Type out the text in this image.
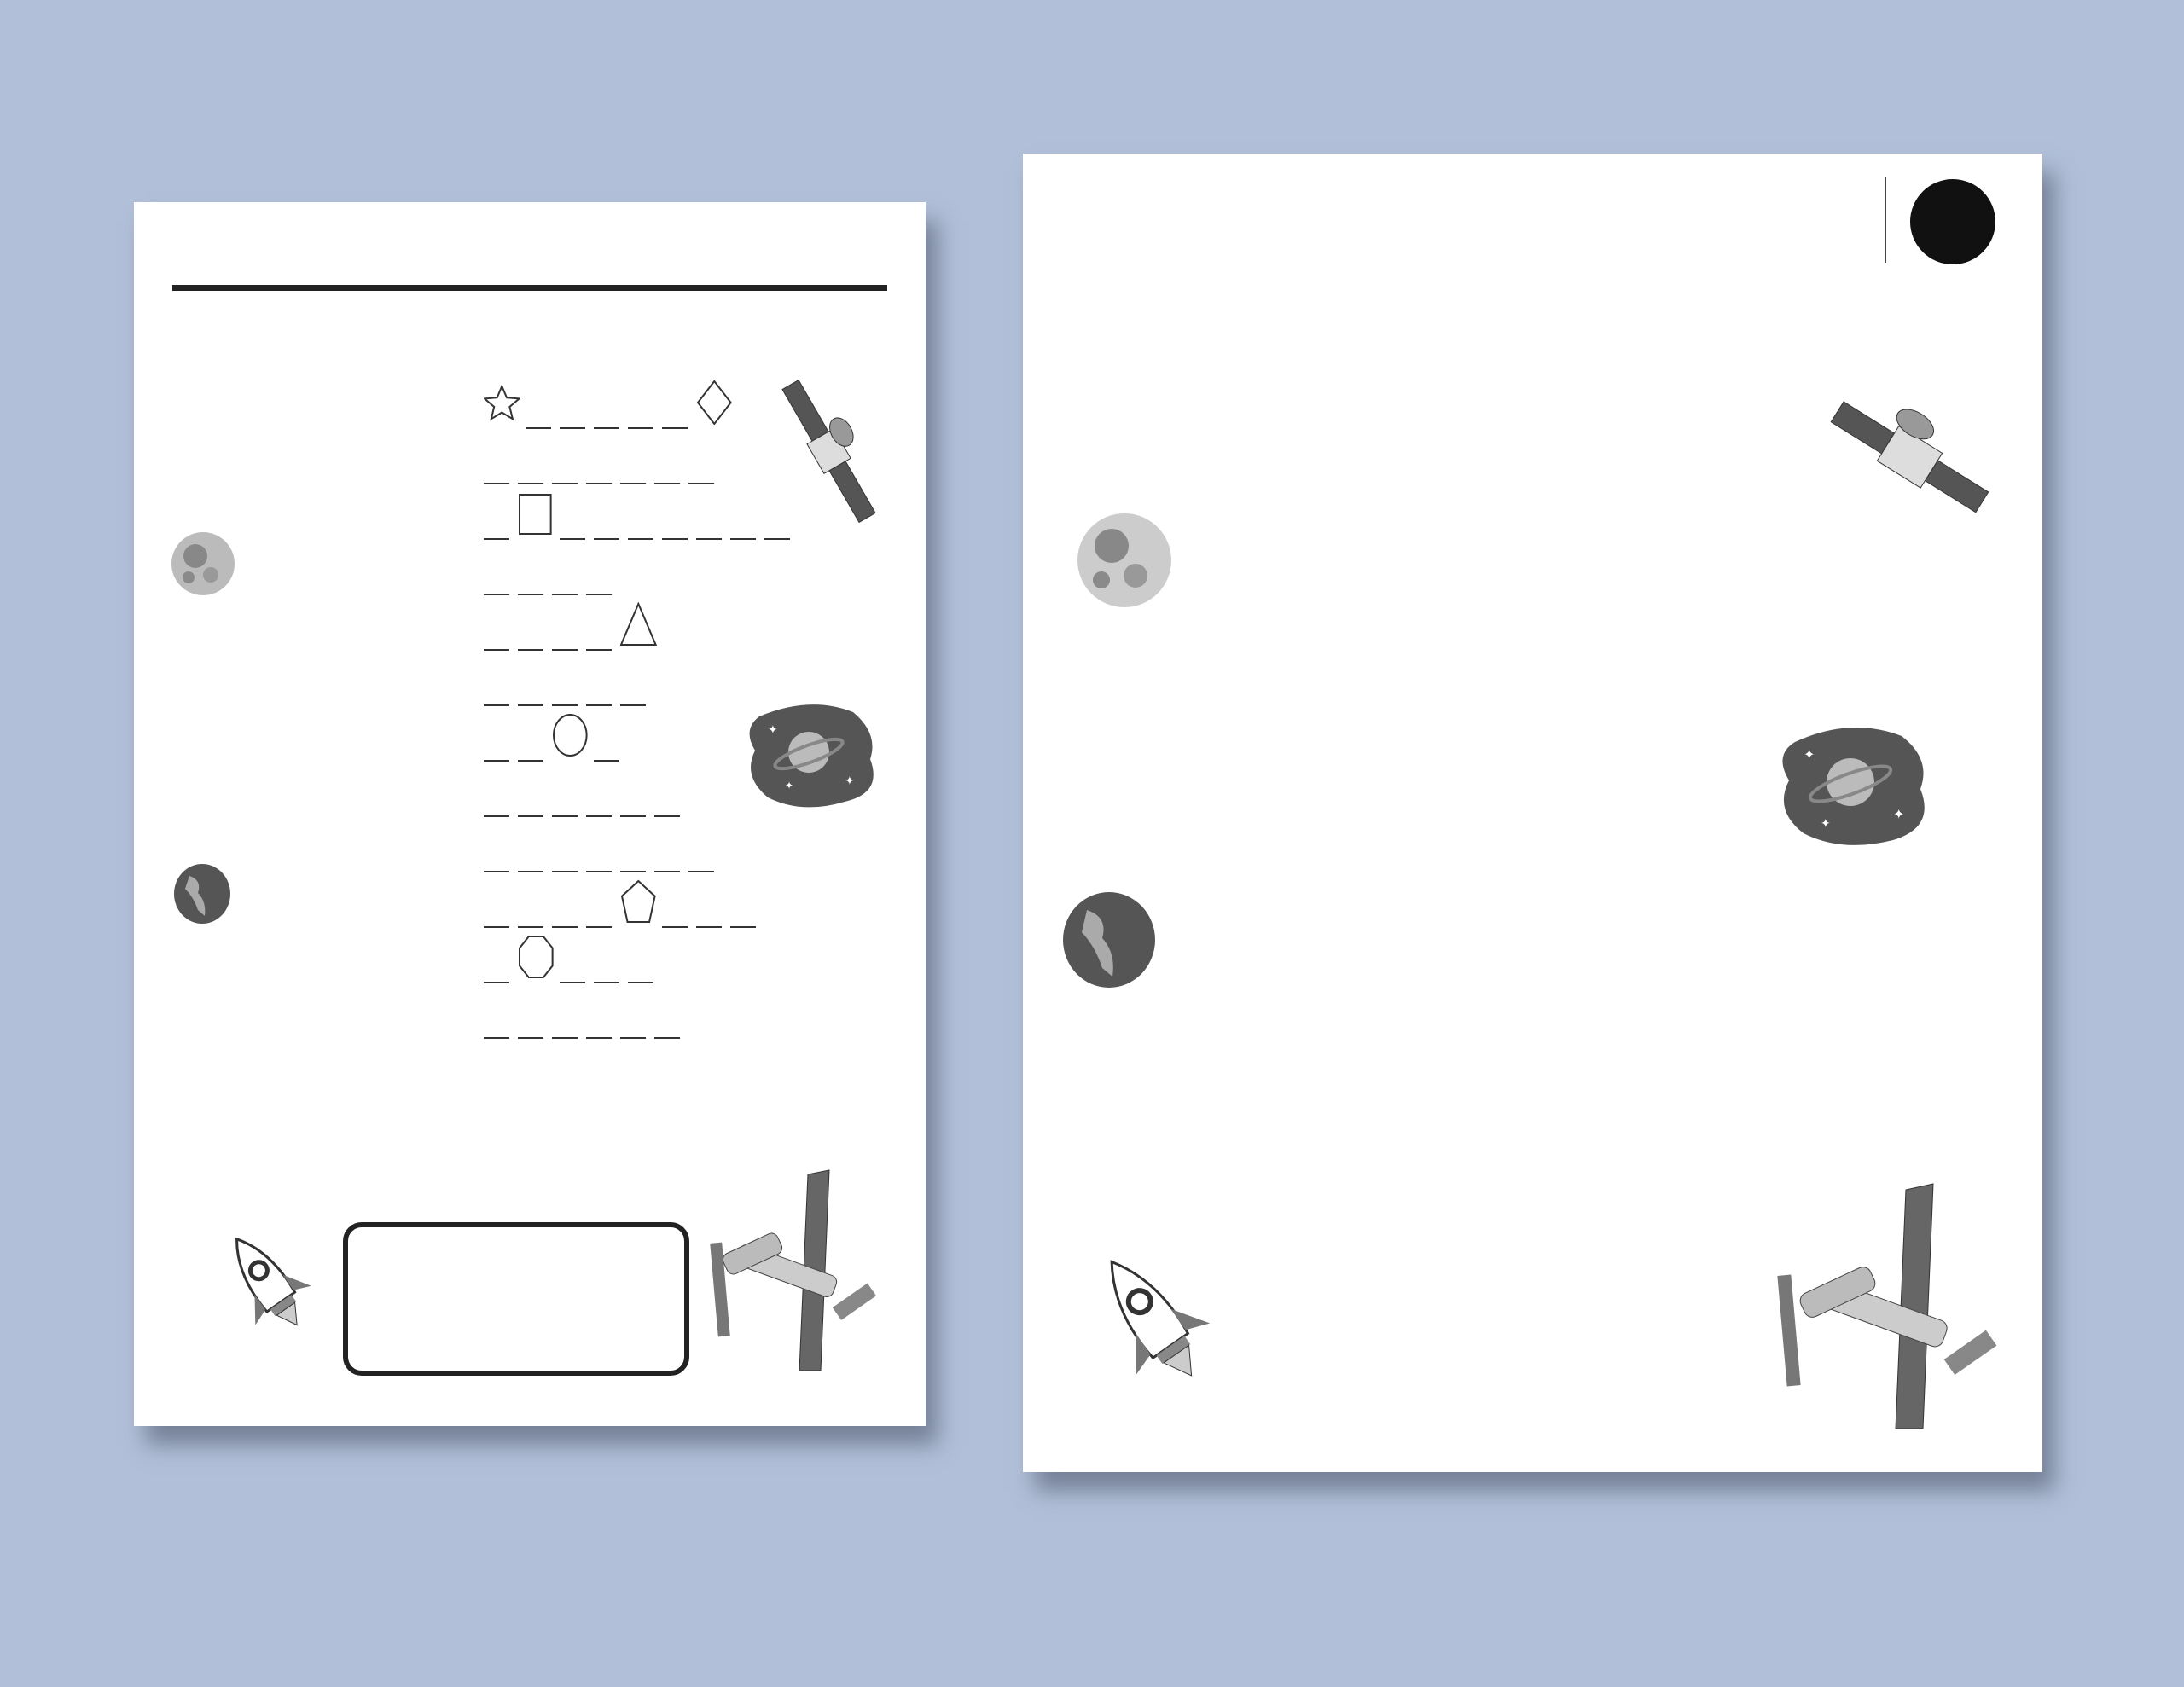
✦
✦
✦
✦
✦
✦
